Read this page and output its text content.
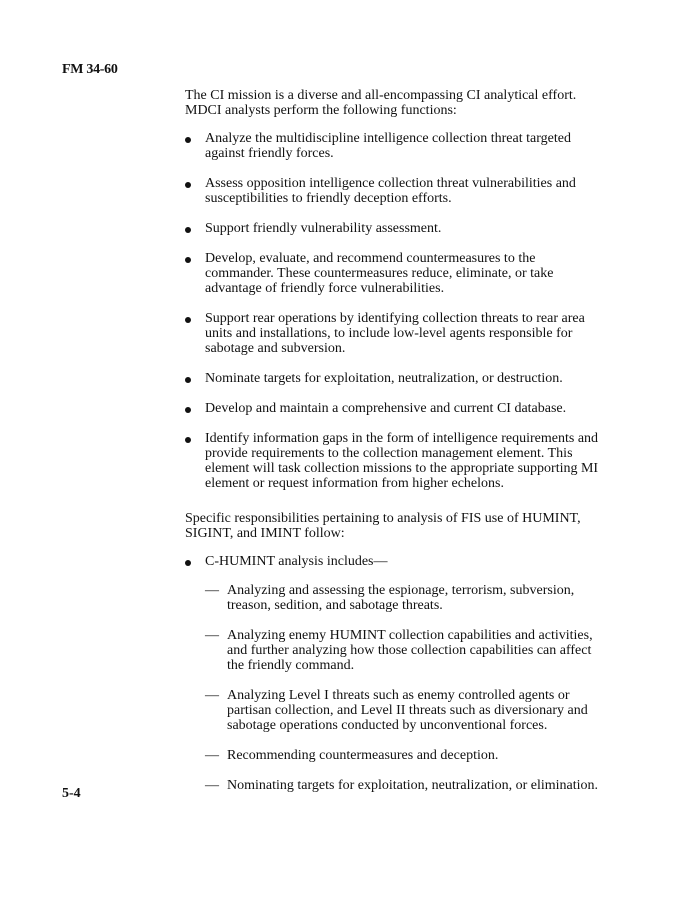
FM 34-60

The CI mission is a diverse and all-encompassing CI analytical effort. MDCI analysts perform the following functions:

Analyze the multidiscipline intelligence collection threat targeted against friendly forces.
Assess opposition intelligence collection threat vulnerabilities and susceptibilities to friendly deception efforts.
Support friendly vulnerability assessment.
Develop, evaluate, and recommend countermeasures to the commander. These countermeasures reduce, eliminate, or take advantage of friendly force vulnerabilities.
Support rear operations by identifying collection threats to rear area units and installations, to include low-level agents responsible for sabotage and subversion.
Nominate targets for exploitation, neutralization, or destruction.
Develop and maintain a comprehensive and current CI database.
Identify information gaps in the form of intelligence requirements and provide requirements to the collection management element. This element will task collection missions to the appropriate supporting MI element or request information from higher echelons.

Specific responsibilities pertaining to analysis of FIS use of HUMINT, SIGINT, and IMINT follow:

C-HUMINT analysis includes—
— Analyzing and assessing the espionage, terrorism, subversion, treason, sedition, and sabotage threats.
— Analyzing enemy HUMINT collection capabilities and activities, and further analyzing how those collection capabilities can affect the friendly command.
— Analyzing Level I threats such as enemy controlled agents or partisan collection, and Level II threats such as diversionary and sabotage operations conducted by unconventional forces.
— Recommending countermeasures and deception.
— Nominating targets for exploitation, neutralization, or elimination.
5-4
